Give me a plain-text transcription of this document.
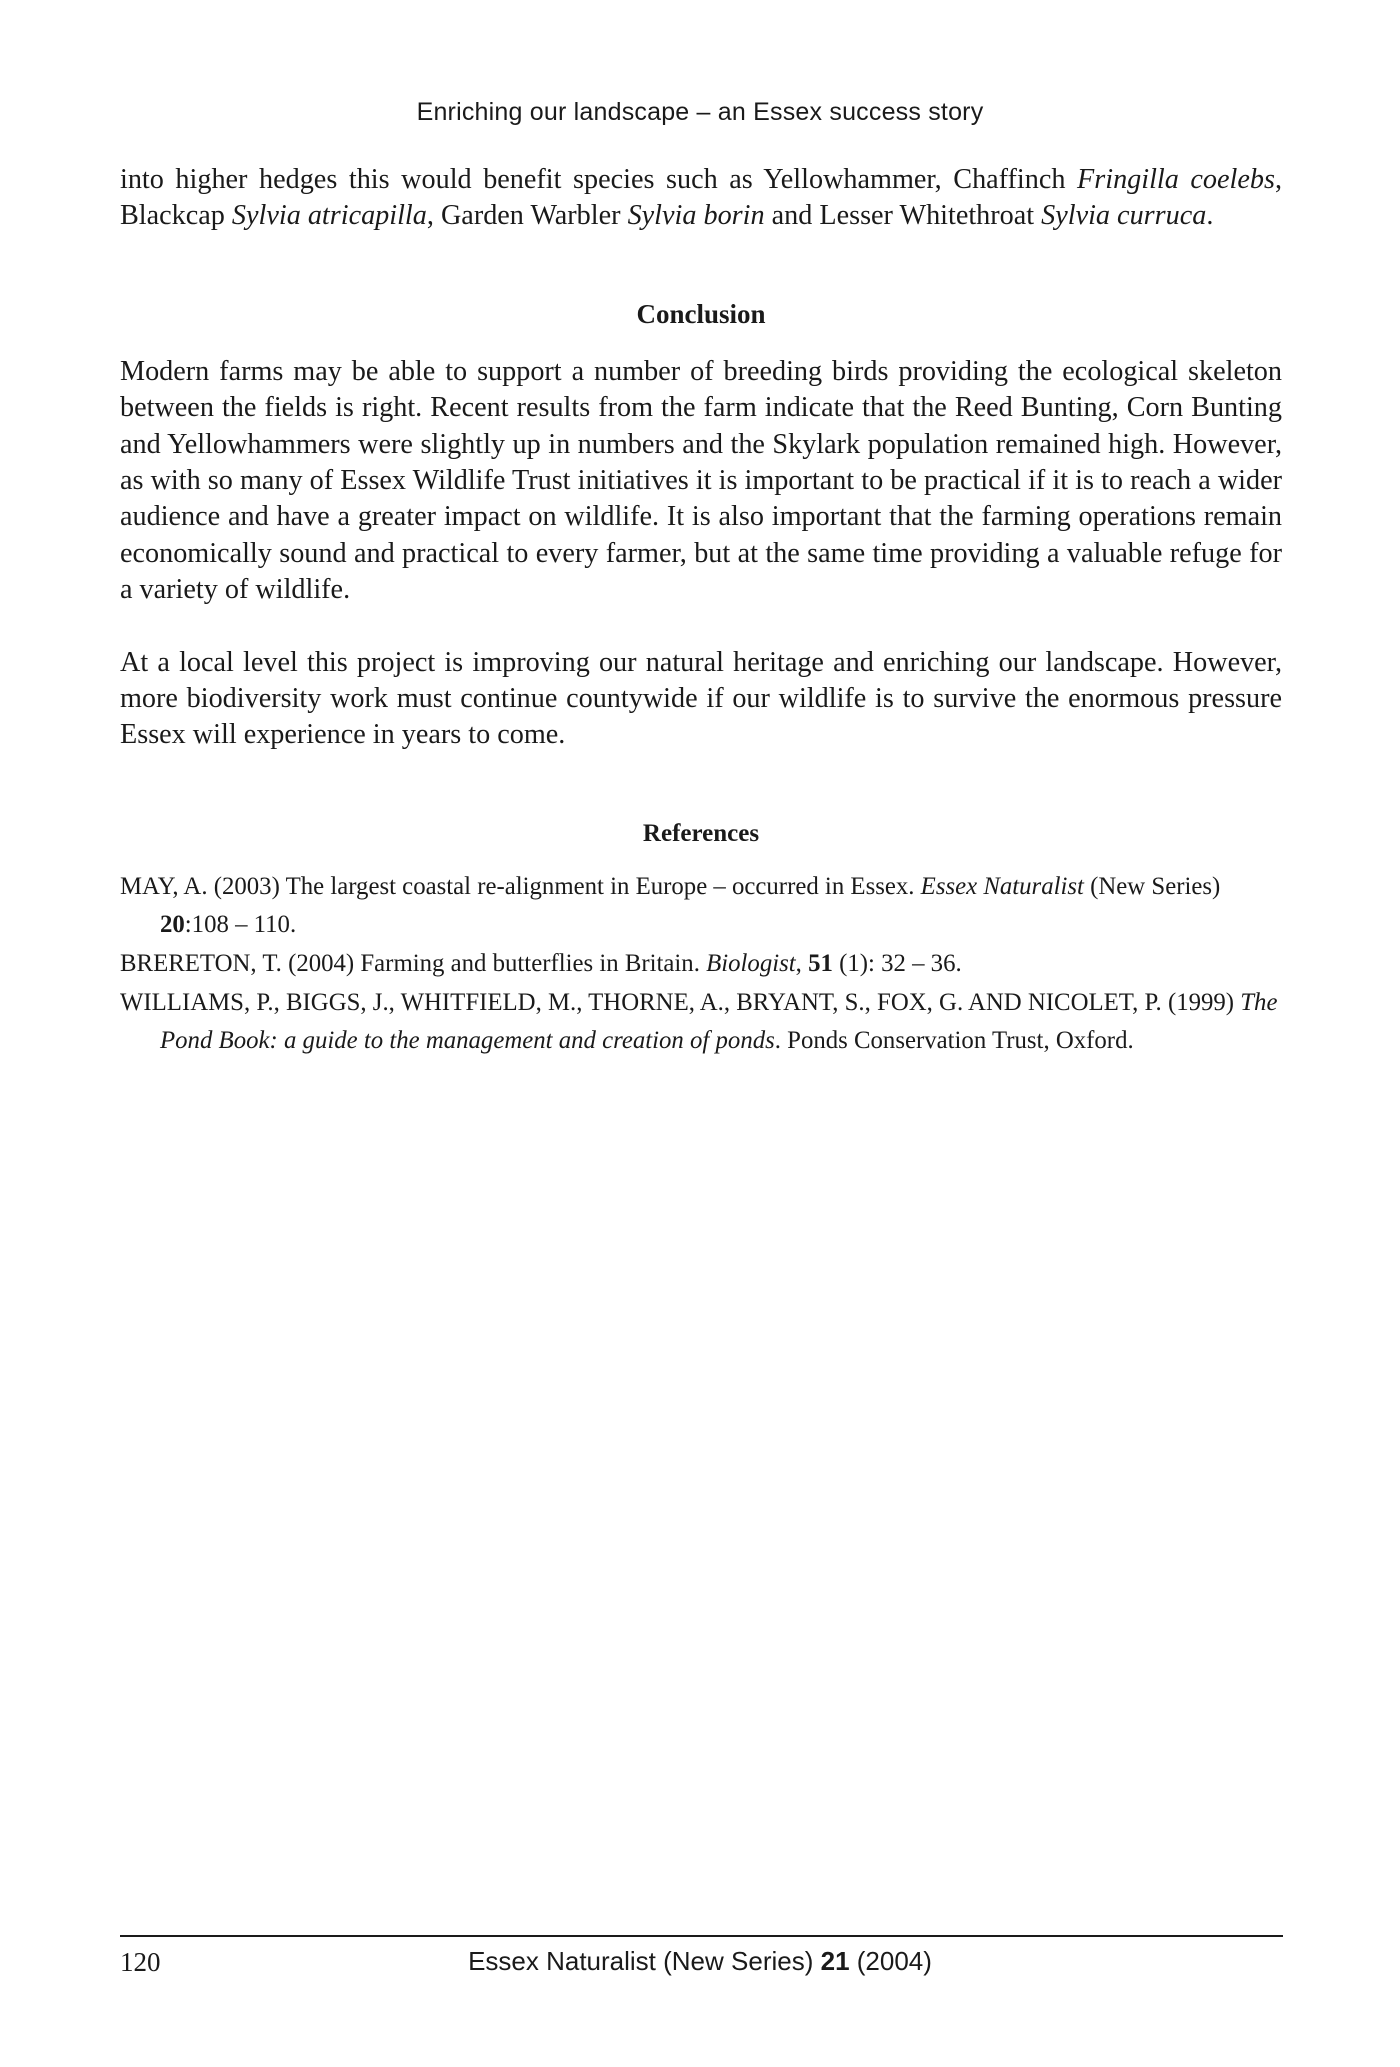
Enriching our landscape – an Essex success story

into higher hedges this would benefit species such as Yellowhammer, Chaffinch Fringilla coelebs, Blackcap Sylvia atricapilla, Garden Warbler Sylvia borin and Lesser Whitethroat Sylvia curruca.

Conclusion

Modern farms may be able to support a number of breeding birds providing the ecological skeleton between the fields is right. Recent results from the farm indicate that the Reed Bunting, Corn Bunting and Yellowhammers were slightly up in numbers and the Skylark population remained high. However, as with so many of Essex Wildlife Trust initiatives it is important to be practical if it is to reach a wider audience and have a greater impact on wildlife. It is also important that the farming operations remain economically sound and practical to every farmer, but at the same time providing a valuable refuge for a variety of wildlife.

At a local level this project is improving our natural heritage and enriching our landscape. However, more biodiversity work must continue countywide if our wildlife is to survive the enormous pressure Essex will experience in years to come.

References
MAY, A. (2003) The largest coastal re-alignment in Europe – occurred in Essex. Essex Naturalist (New Series) 20:108 – 110.
BRERETON, T. (2004) Farming and butterflies in Britain. Biologist, 51 (1): 32 – 36.
WILLIAMS, P., BIGGS, J., WHITFIELD, M., THORNE, A., BRYANT, S., FOX, G. AND NICOLET, P. (1999) The Pond Book: a guide to the management and creation of ponds. Ponds Conservation Trust, Oxford.
120	Essex Naturalist (New Series) 21 (2004)
